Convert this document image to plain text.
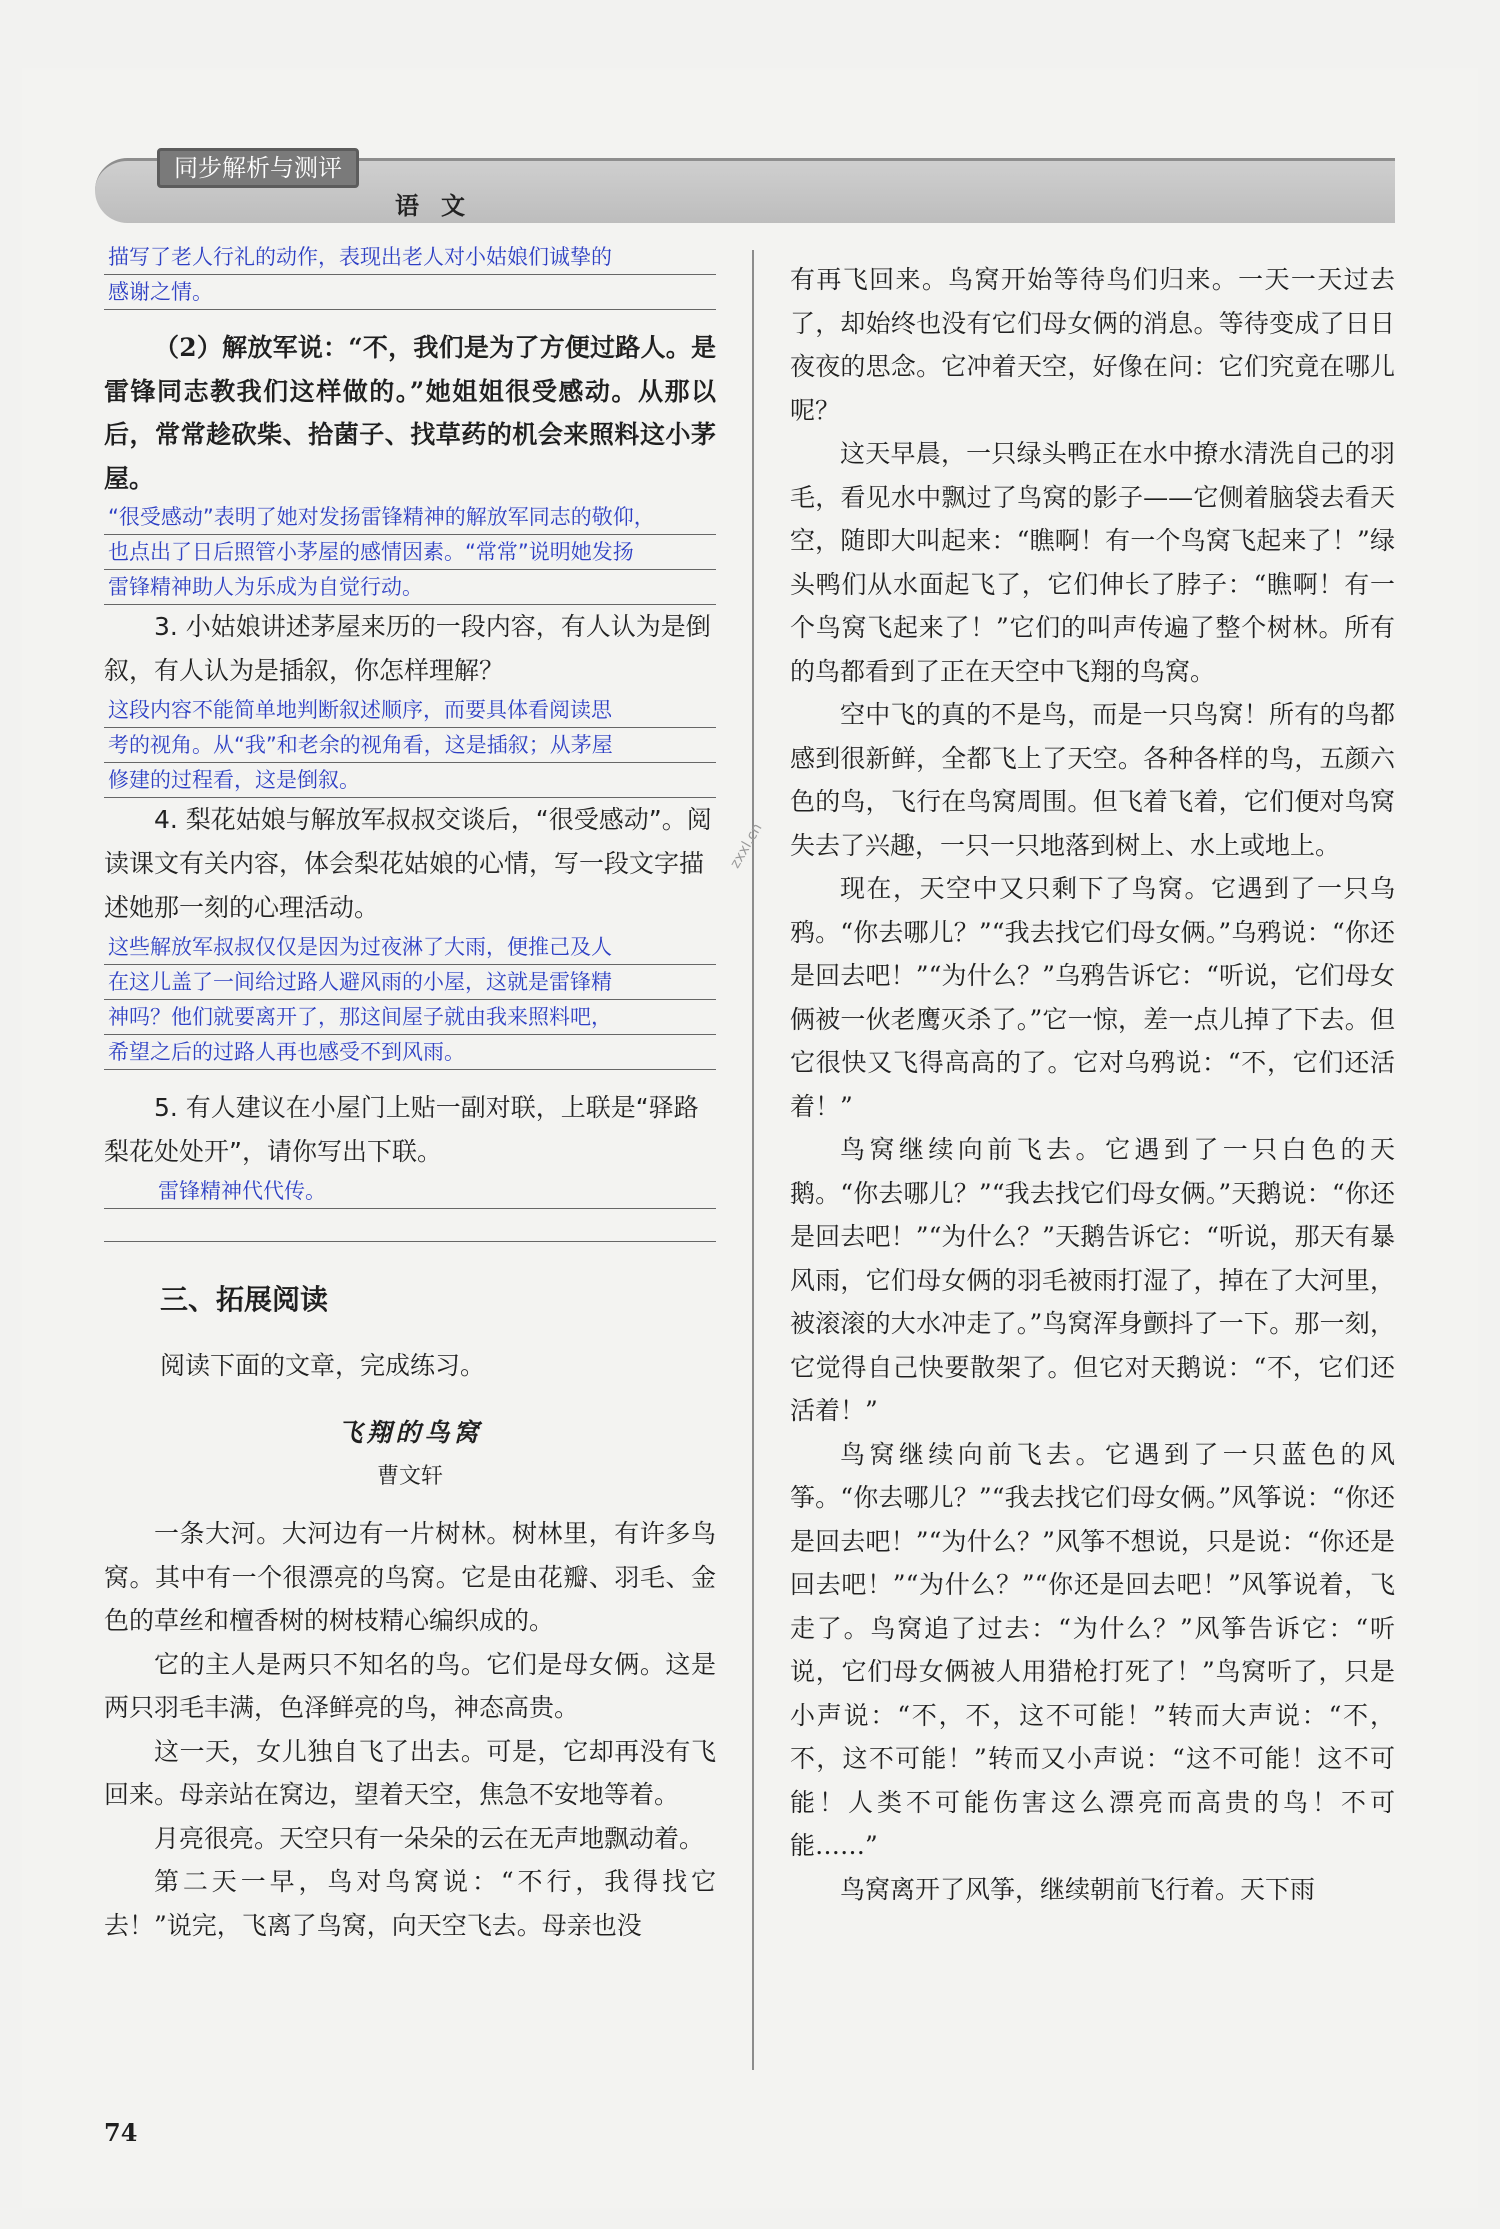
同步解析与测评
语文
描写了老人行礼的动作，表现出老人对小姑娘们诚挚的
感谢之情。

（2）解放军说：“不，我们是为了方便过路人。是雷锋同志教我们这样做的。”她姐姐很受感动。从那以后，常常趁砍柴、拾菌子、找草药的机会来照料这小茅屋。

“很受感动”表明了她对发扬雷锋精神的解放军同志的敬仰，
也点出了日后照管小茅屋的感情因素。“常常”说明她发扬
雷锋精神助人为乐成为自觉行动。

3. 小姑娘讲述茅屋来历的一段内容，有人认为是倒叙，有人认为是插叙，你怎样理解？

这段内容不能简单地判断叙述顺序，而要具体看阅读思
考的视角。从“我”和老余的视角看，这是插叙；从茅屋
修建的过程看，这是倒叙。

4. 梨花姑娘与解放军叔叔交谈后，“很受感动”。阅读课文有关内容，体会梨花姑娘的心情，写一段文字描述她那一刻的心理活动。

这些解放军叔叔仅仅是因为过夜淋了大雨，便推己及人
在这儿盖了一间给过路人避风雨的小屋，这就是雷锋精
神吗？他们就要离开了，那这间屋子就由我来照料吧，
希望之后的过路人再也感受不到风雨。

5. 有人建议在小屋门上贴一副对联，上联是“驿路梨花处处开”，请你写出下联。

雷锋精神代代传。
三、拓展阅读
阅读下面的文章，完成练习。
飞翔的鸟窝
曹文轩

一条大河。大河边有一片树林。树林里，有许多鸟窝。其中有一个很漂亮的鸟窝。它是由花瓣、羽毛、金色的草丝和檀香树的树枝精心编织成的。

它的主人是两只不知名的鸟。它们是母女俩。这是两只羽毛丰满，色泽鲜亮的鸟，神态高贵。

这一天，女儿独自飞了出去。可是，它却再没有飞回来。母亲站在窝边，望着天空，焦急不安地等着。

月亮很亮。天空只有一朵朵的云在无声地飘动着。

第二天一早，鸟对鸟窝说：“不行，我得找它去！”说完，飞离了鸟窝，向天空飞去。母亲也没

有再飞回来。鸟窝开始等待鸟们归来。一天一天过去了，却始终也没有它们母女俩的消息。等待变成了日日夜夜的思念。它冲着天空，好像在问：它们究竟在哪儿呢？

这天早晨，一只绿头鸭正在水中撩水清洗自己的羽毛，看见水中飘过了鸟窝的影子——它侧着脑袋去看天空，随即大叫起来：“瞧啊！有一个鸟窝飞起来了！”绿头鸭们从水面起飞了，它们伸长了脖子：“瞧啊！有一个鸟窝飞起来了！”它们的叫声传遍了整个树林。所有的鸟都看到了正在天空中飞翔的鸟窝。

空中飞的真的不是鸟，而是一只鸟窝！所有的鸟都感到很新鲜，全都飞上了天空。各种各样的鸟，五颜六色的鸟，飞行在鸟窝周围。但飞着飞着，它们便对鸟窝失去了兴趣，一只一只地落到树上、水上或地上。

现在，天空中又只剩下了鸟窝。它遇到了一只乌鸦。“你去哪儿？”“我去找它们母女俩。”乌鸦说：“你还是回去吧！”“为什么？”乌鸦告诉它：“听说，它们母女俩被一伙老鹰灭杀了。”它一惊，差一点儿掉了下去。但它很快又飞得高高的了。它对乌鸦说：“不，它们还活着！”

鸟窝继续向前飞去。它遇到了一只白色的天鹅。“你去哪儿？”“我去找它们母女俩。”天鹅说：“你还是回去吧！”“为什么？”天鹅告诉它：“听说，那天有暴风雨，它们母女俩的羽毛被雨打湿了，掉在了大河里，被滚滚的大水冲走了。”鸟窝浑身颤抖了一下。那一刻，它觉得自己快要散架了。但它对天鹅说：“不，它们还活着！”

鸟窝继续向前飞去。它遇到了一只蓝色的风筝。“你去哪儿？”“我去找它们母女俩。”风筝说：“你还是回去吧！”“为什么？”风筝不想说，只是说：“你还是回去吧！”“为什么？”“你还是回去吧！”风筝说着，飞走了。鸟窝追了过去：“为什么？”风筝告诉它：“听说，它们母女俩被人用猎枪打死了！”鸟窝听了，只是小声说：“不，不，这不可能！”转而大声说：“不，不，这不可能！”转而又小声说：“这不可能！这不可能！人类不可能伤害这么漂亮而高贵的鸟！不可能……”

鸟窝离开了风筝，继续朝前飞行着。天下雨

zxxl.cn
74
